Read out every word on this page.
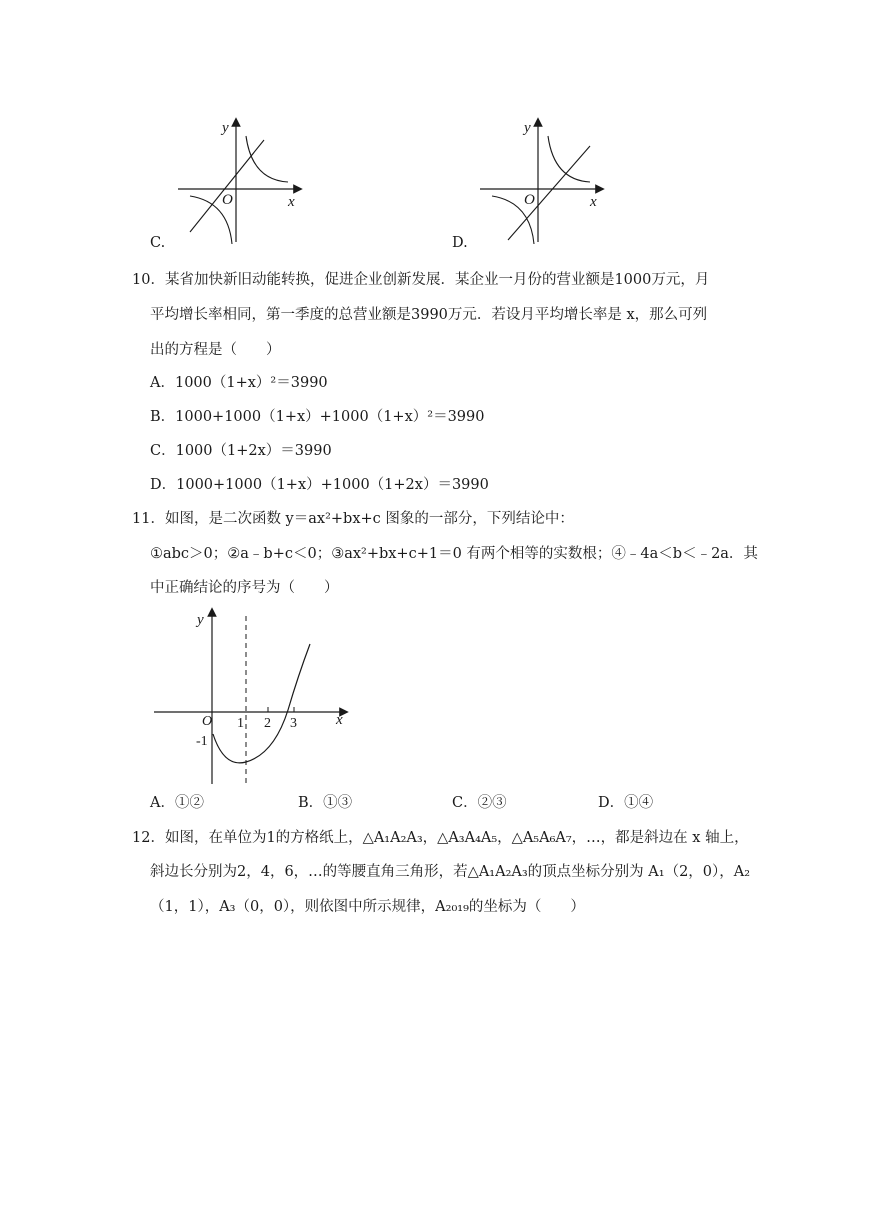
y
x
O
C.
y
x
O
D.
10．某省加快新旧动能转换，促进企业创新发展．某企业一月份的营业额是1000万元，月
平均增长率相同，第一季度的总营业额是3990万元．若设月平均增长率是 x，那么可列
出的方程是（　　）
A．1000（1+x）²＝3990
B．1000+1000（1+x）+1000（1+x）²＝3990
C．1000（1+2x）＝3990
D．1000+1000（1+x）+1000（1+2x）＝3990
11．如图，是二次函数 y＝ax²+bx+c 图象的一部分，下列结论中：
①abc＞0；②a﹣b+c＜0；③ax²+bx+c+1＝0 有两个相等的实数根；④﹣4a＜b＜﹣2a．其
中正确结论的序号为（　　）
y
x
O 1 2 3
-1
A．①②	B．①③	C．②③	D．①④
12．如图，在单位为1的方格纸上，△A₁A₂A₃，△A₃A₄A₅，△A₅A₆A₇，…，都是斜边在 x 轴上，
斜边长分别为2，4，6，…的等腰直角三角形，若△A₁A₂A₃的顶点坐标分别为 A₁（2，0），A₂
（1，1），A₃（0，0），则依图中所示规律，A₂₀₁₉的坐标为（　　）
